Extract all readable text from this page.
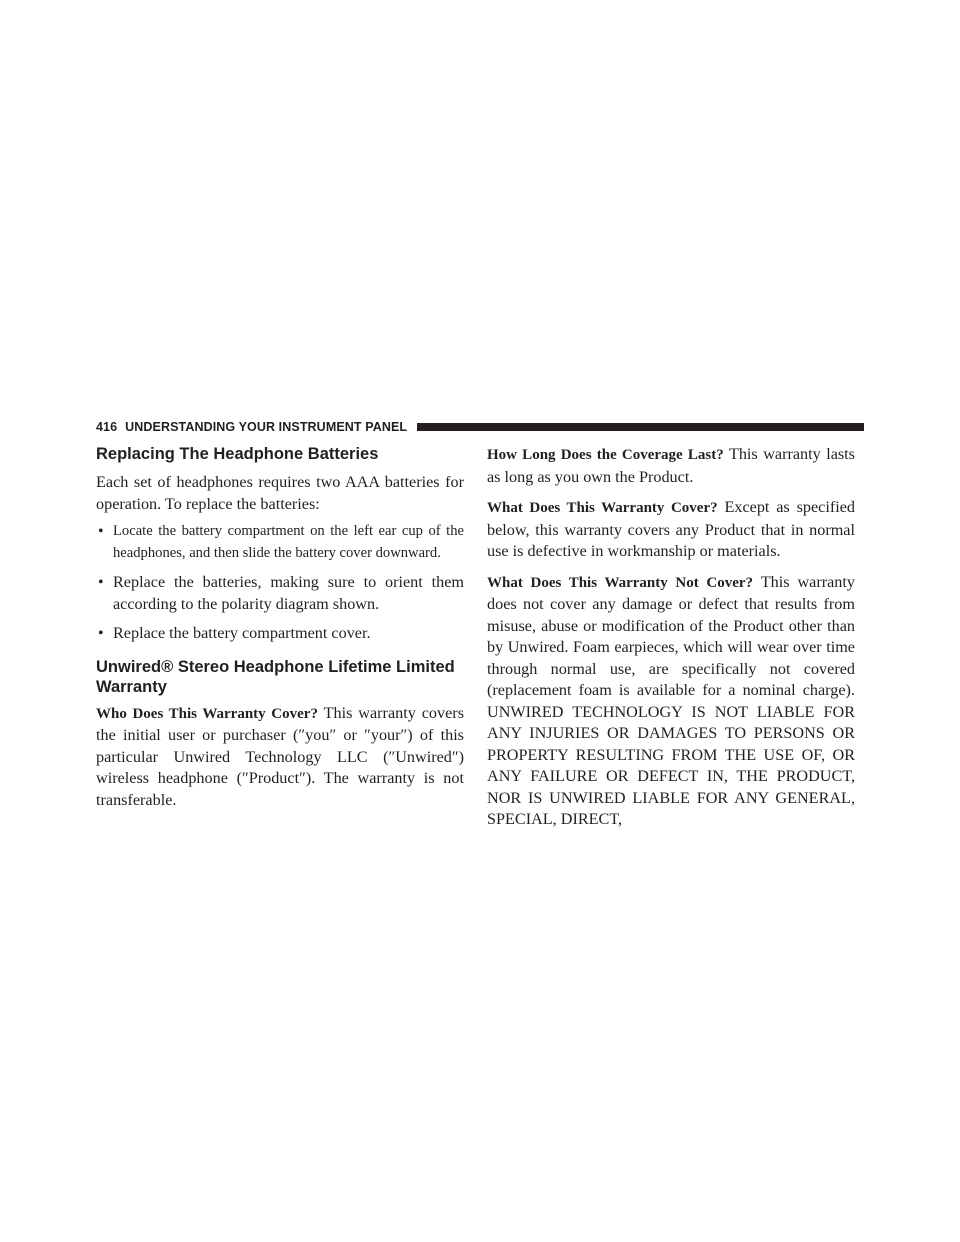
416 UNDERSTANDING YOUR INSTRUMENT PANEL
Replacing The Headphone Batteries

Each set of headphones requires two AAA batteries for operation. To replace the batteries:

• Locate the battery compartment on the left ear cup of the headphones, and then slide the battery cover downward.
• Replace the batteries, making sure to orient them according to the polarity diagram shown.
• Replace the battery compartment cover.
Unwired® Stereo Headphone Lifetime Limited Warranty

Who Does This Warranty Cover? This warranty covers the initial user or purchaser (″you″ or ″your″) of this particular Unwired Technology LLC (″Unwired″) wireless headphone (″Product″). The warranty is not transferable.

How Long Does the Coverage Last? This warranty lasts as long as you own the Product.

What Does This Warranty Cover? Except as specified below, this warranty covers any Product that in normal use is defective in workmanship or materials.

What Does This Warranty Not Cover? This warranty does not cover any damage or defect that results from misuse, abuse or modification of the Product other than by Unwired. Foam earpieces, which will wear over time through normal use, are specifically not covered (replacement foam is available for a nominal charge). UNWIRED TECHNOLOGY IS NOT LIABLE FOR ANY INJURIES OR DAMAGES TO PERSONS OR PROPERTY RESULTING FROM THE USE OF, OR ANY FAILURE OR DEFECT IN, THE PRODUCT, NOR IS UNWIRED LIABLE FOR ANY GENERAL, SPECIAL, DIRECT,
